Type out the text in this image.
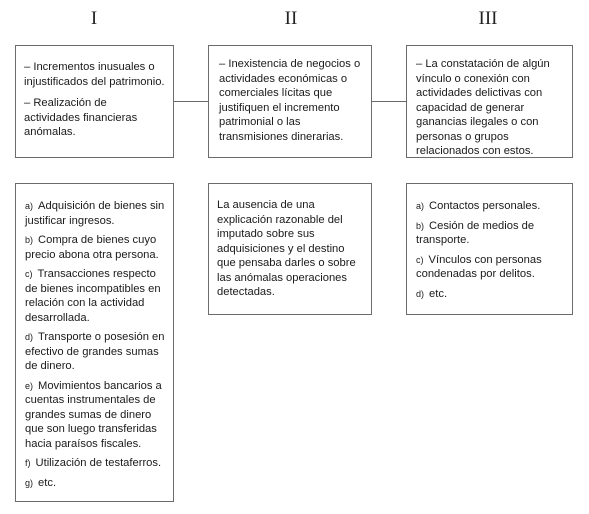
I	II	III

– Incrementos inusuales o injustificados del patrimonio.

– Realización de actividades financieras anómalas.

– Inexistencia de negocios o actividades económicas o comerciales lícitas que justifiquen el incremento patrimonial o las transmisiones dinerarias.

– La constatación de algún vínculo o conexión con actividades delictivas con capacidad de generar ganancias ilegales o con personas o grupos relacionados con estos.

a) Adquisición de bienes sin justificar ingresos.
b) Compra de bienes cuyo precio abona otra persona.
c) Transacciones respecto de bienes incompatibles en relación con la actividad desarrollada.
d) Transporte o posesión en efectivo de grandes sumas de dinero.
e) Movimientos bancarios a cuentas instrumentales de grandes sumas de dinero que son luego transferidas hacia paraísos fiscales.
f) Utilización de testaferros.
g) etc.

La ausencia de una explicación razonable del imputado sobre sus adquisiciones y el destino que pensaba darles o sobre las anómalas operaciones detectadas.

a) Contactos personales.
b) Cesión de medios de transporte.
c) Vínculos con personas condenadas por delitos.
d) etc.
